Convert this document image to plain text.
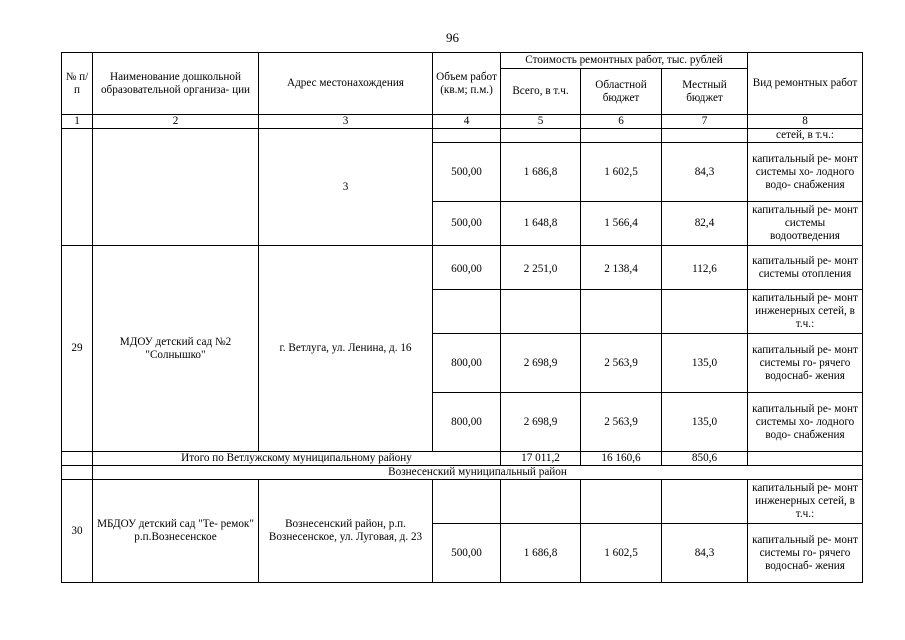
96
№ п/п	Наименование дошкольной образовательной организа- ции	Адрес местонахождения	Объем работ (кв.м; п.м.)	Стоимость ремонтных работ, тыс. рублей			Вид ремонтных работ
				Всего, в т.ч.	Областной бюджет	Местный бюджет	
1	2	3	4	5	6	7	8
		3					сетей, в т.ч.:
			500,00	1 686,8	1 602,5	84,3	капитальный ре- монт системы хо- лодного водо- снабжения
			500,00	1 648,8	1 566,4	82,4	капитальный ре- монт системы водоотведения
29	МДОУ детский сад №2 "Солнышко"	г. Ветлуга, ул. Ленина, д. 16	600,00	2 251,0	2 138,4	112,6	капитальный ре- монт системы отопления
							капитальный ре- монт инженерных сетей, в т.ч.:
			800,00	2 698,9	2 563,9	135,0	капитальный ре- монт системы го- рячего водоснаб- жения
			800,00	2 698,9	2 563,9	135,0	капитальный ре- монт системы хо- лодного водо- снабжения
	Итого по Ветлужскому муниципальному району			17 011,2	16 160,6	850,6	
	Вознесенский муниципальный район						
30	МБДОУ детский сад "Те- ремок" р.п.Вознесенское	Вознесенский район, р.п. Вознесенское, ул. Луговая, д. 23					капитальный ре- монт инженерных сетей, в т.ч.:
			500,00	1 686,8	1 602,5	84,3	капитальный ре- монт системы го- рячего водоснаб- жения
